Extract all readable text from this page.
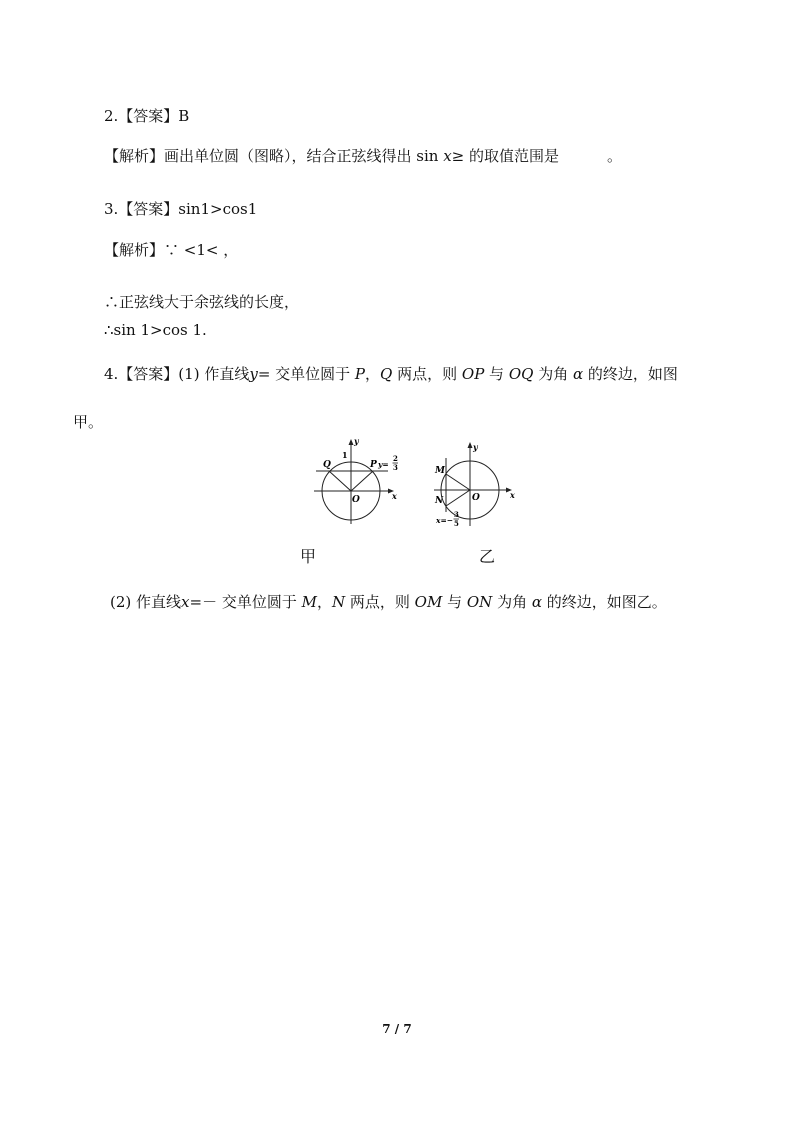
2.【答案】B
【解析】画出单位圆（图略），结合正弦线得出 sin x≥ 的取值范围是	。
3.【答案】sin1>cos1
【解析】∵ <1< ，
∴正弦线大于余弦线的长度，
∴sin 1>cos 1.
4.【答案】(1) 作直线y= 交单位圆于 P，Q 两点，则 OP 与 OQ 为角 α 的终边，如图
甲。
Q
1
y
P y=
2
3
O	x
y
M
N	O	x
x=−
3
5
甲	乙
(2) 作直线x=－ 交单位圆于 M，N 两点，则 OM 与 ON 为角 α 的终边，如图乙。
7 / 7
